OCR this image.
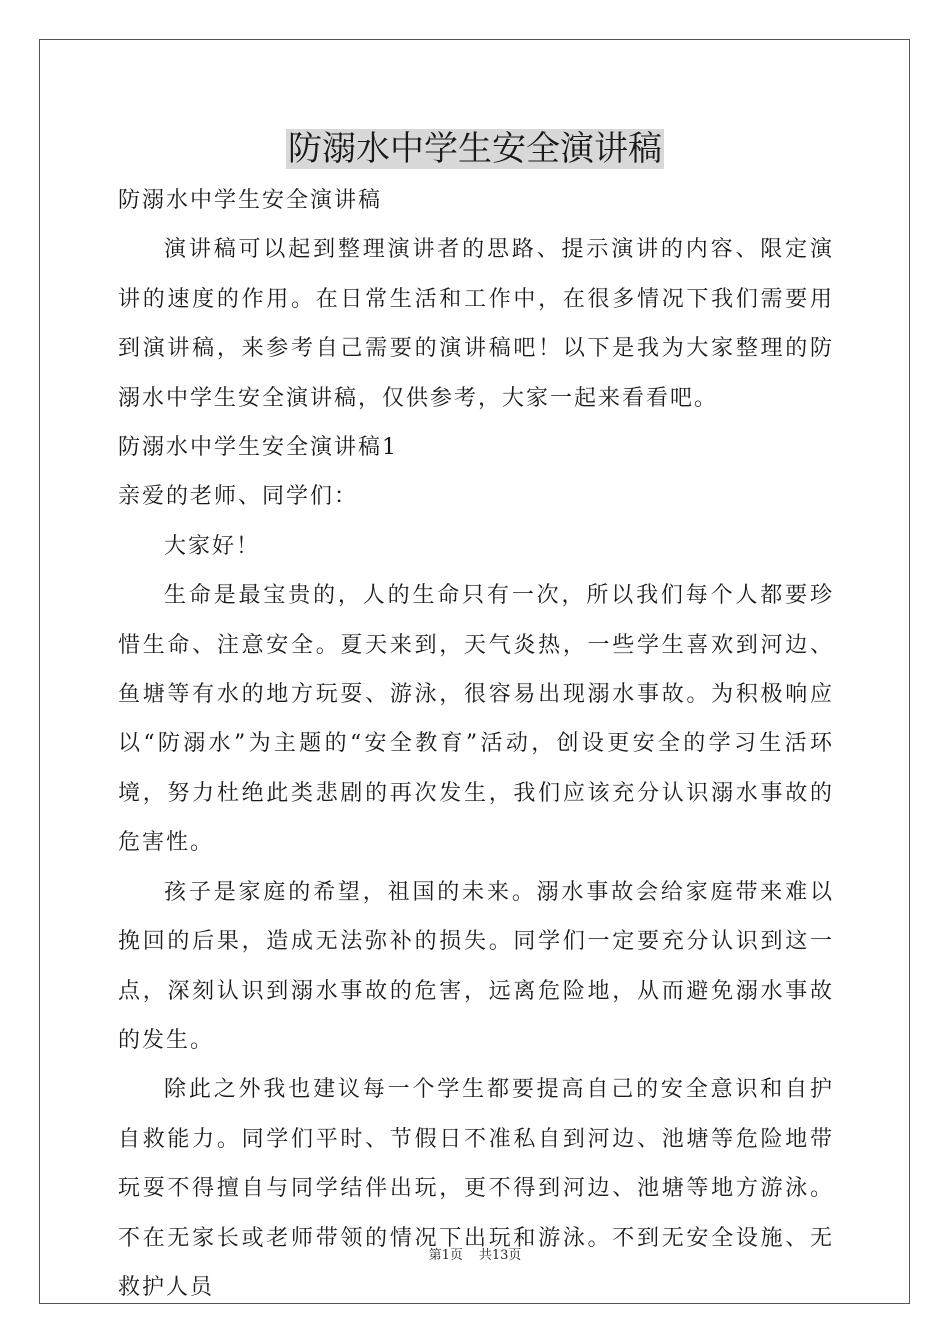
防溺水中学生安全演讲稿

防溺水中学生安全演讲稿

演讲稿可以起到整理演讲者的思路、提示演讲的内容、限定演讲的速度的作用。在日常生活和工作中，在很多情况下我们需要用到演讲稿，来参考自己需要的演讲稿吧！以下是我为大家整理的防溺水中学生安全演讲稿，仅供参考，大家一起来看看吧。

防溺水中学生安全演讲稿1

亲爱的老师、同学们：

大家好！

生命是最宝贵的，人的生命只有一次，所以我们每个人都要珍惜生命、注意安全。夏天来到，天气炎热，一些学生喜欢到河边、鱼塘等有水的地方玩耍、游泳，很容易出现溺水事故。为积极响应以“防溺水”为主题的“安全教育”活动，创设更安全的学习生活环境，努力杜绝此类悲剧的再次发生，我们应该充分认识溺水事故的危害性。

孩子是家庭的希望，祖国的未来。溺水事故会给家庭带来难以挽回的后果，造成无法弥补的损失。同学们一定要充分认识到这一点，深刻认识到溺水事故的危害，远离危险地，从而避免溺水事故的发生。

除此之外我也建议每一个学生都要提高自己的安全意识和自护自救能力。同学们平时、节假日不准私自到河边、池塘等危险地带玩耍不得擅自与同学结伴出玩，更不得到河边、池塘等地方游泳。不在无家长或老师带领的情况下出玩和游泳。不到无安全设施、无救护人员

第1页 共13页
